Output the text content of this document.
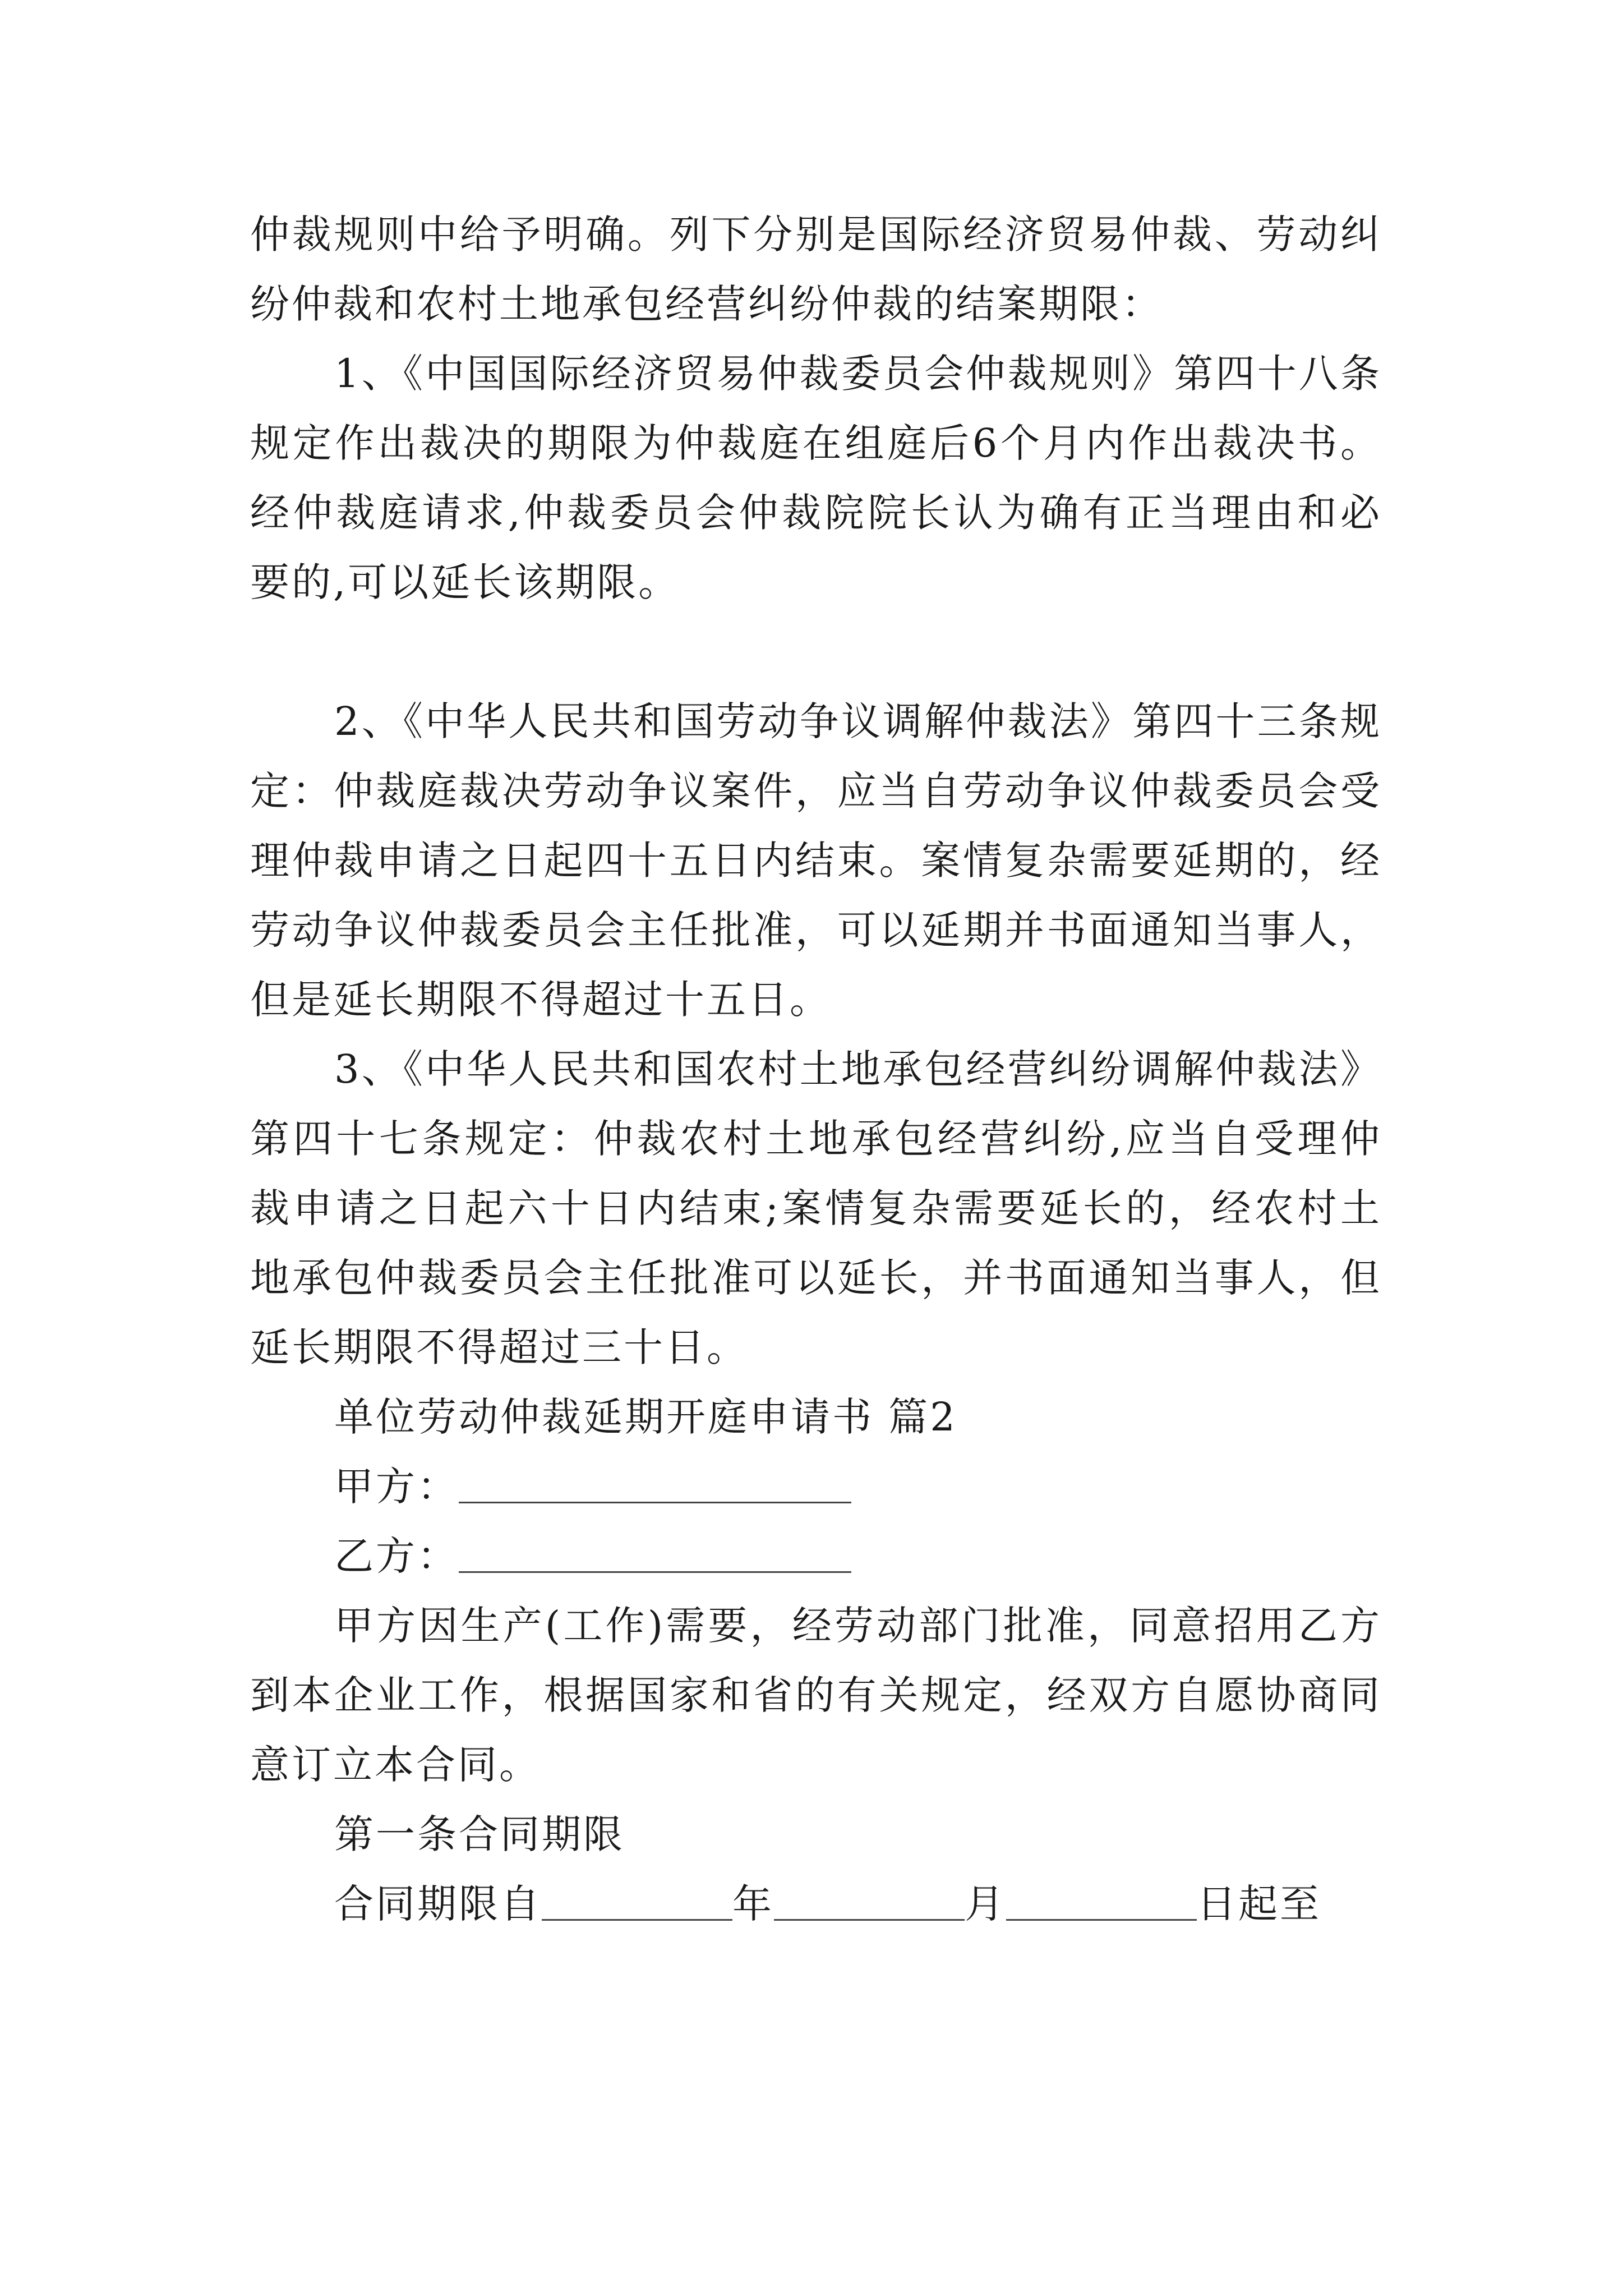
仲裁规则中给予明确。列下分别是国际经济贸易仲裁、劳动纠纷仲裁和农村土地承包经营纠纷仲裁的结案期限：
1、《中国国际经济贸易仲裁委员会仲裁规则》第四十八条规定作出裁决的期限为仲裁庭在组庭后6个月内作出裁决书。经仲裁庭请求,仲裁委员会仲裁院院长认为确有正当理由和必要的,可以延长该期限。
2、《中华人民共和国劳动争议调解仲裁法》第四十三条规定：仲裁庭裁决劳动争议案件，应当自劳动争议仲裁委员会受理仲裁申请之日起四十五日内结束。案情复杂需要延期的，经劳动争议仲裁委员会主任批准，可以延期并书面通知当事人，但是延长期限不得超过十五日。
3、《中华人民共和国农村土地承包经营纠纷调解仲裁法》第四十七条规定：仲裁农村土地承包经营纠纷,应当自受理仲裁申请之日起六十日内结束;案情复杂需要延长的，经农村土地承包仲裁委员会主任批准可以延长，并书面通知当事人，但延长期限不得超过三十日。
单位劳动仲裁延期开庭申请书 篇2
甲方：
乙方：
甲方因生产(工作)需要，经劳动部门批准，同意招用乙方到本企业工作，根据国家和省的有关规定，经双方自愿协商同意订立本合同。
第一条合同期限
合同期限自	年	月	日起至
